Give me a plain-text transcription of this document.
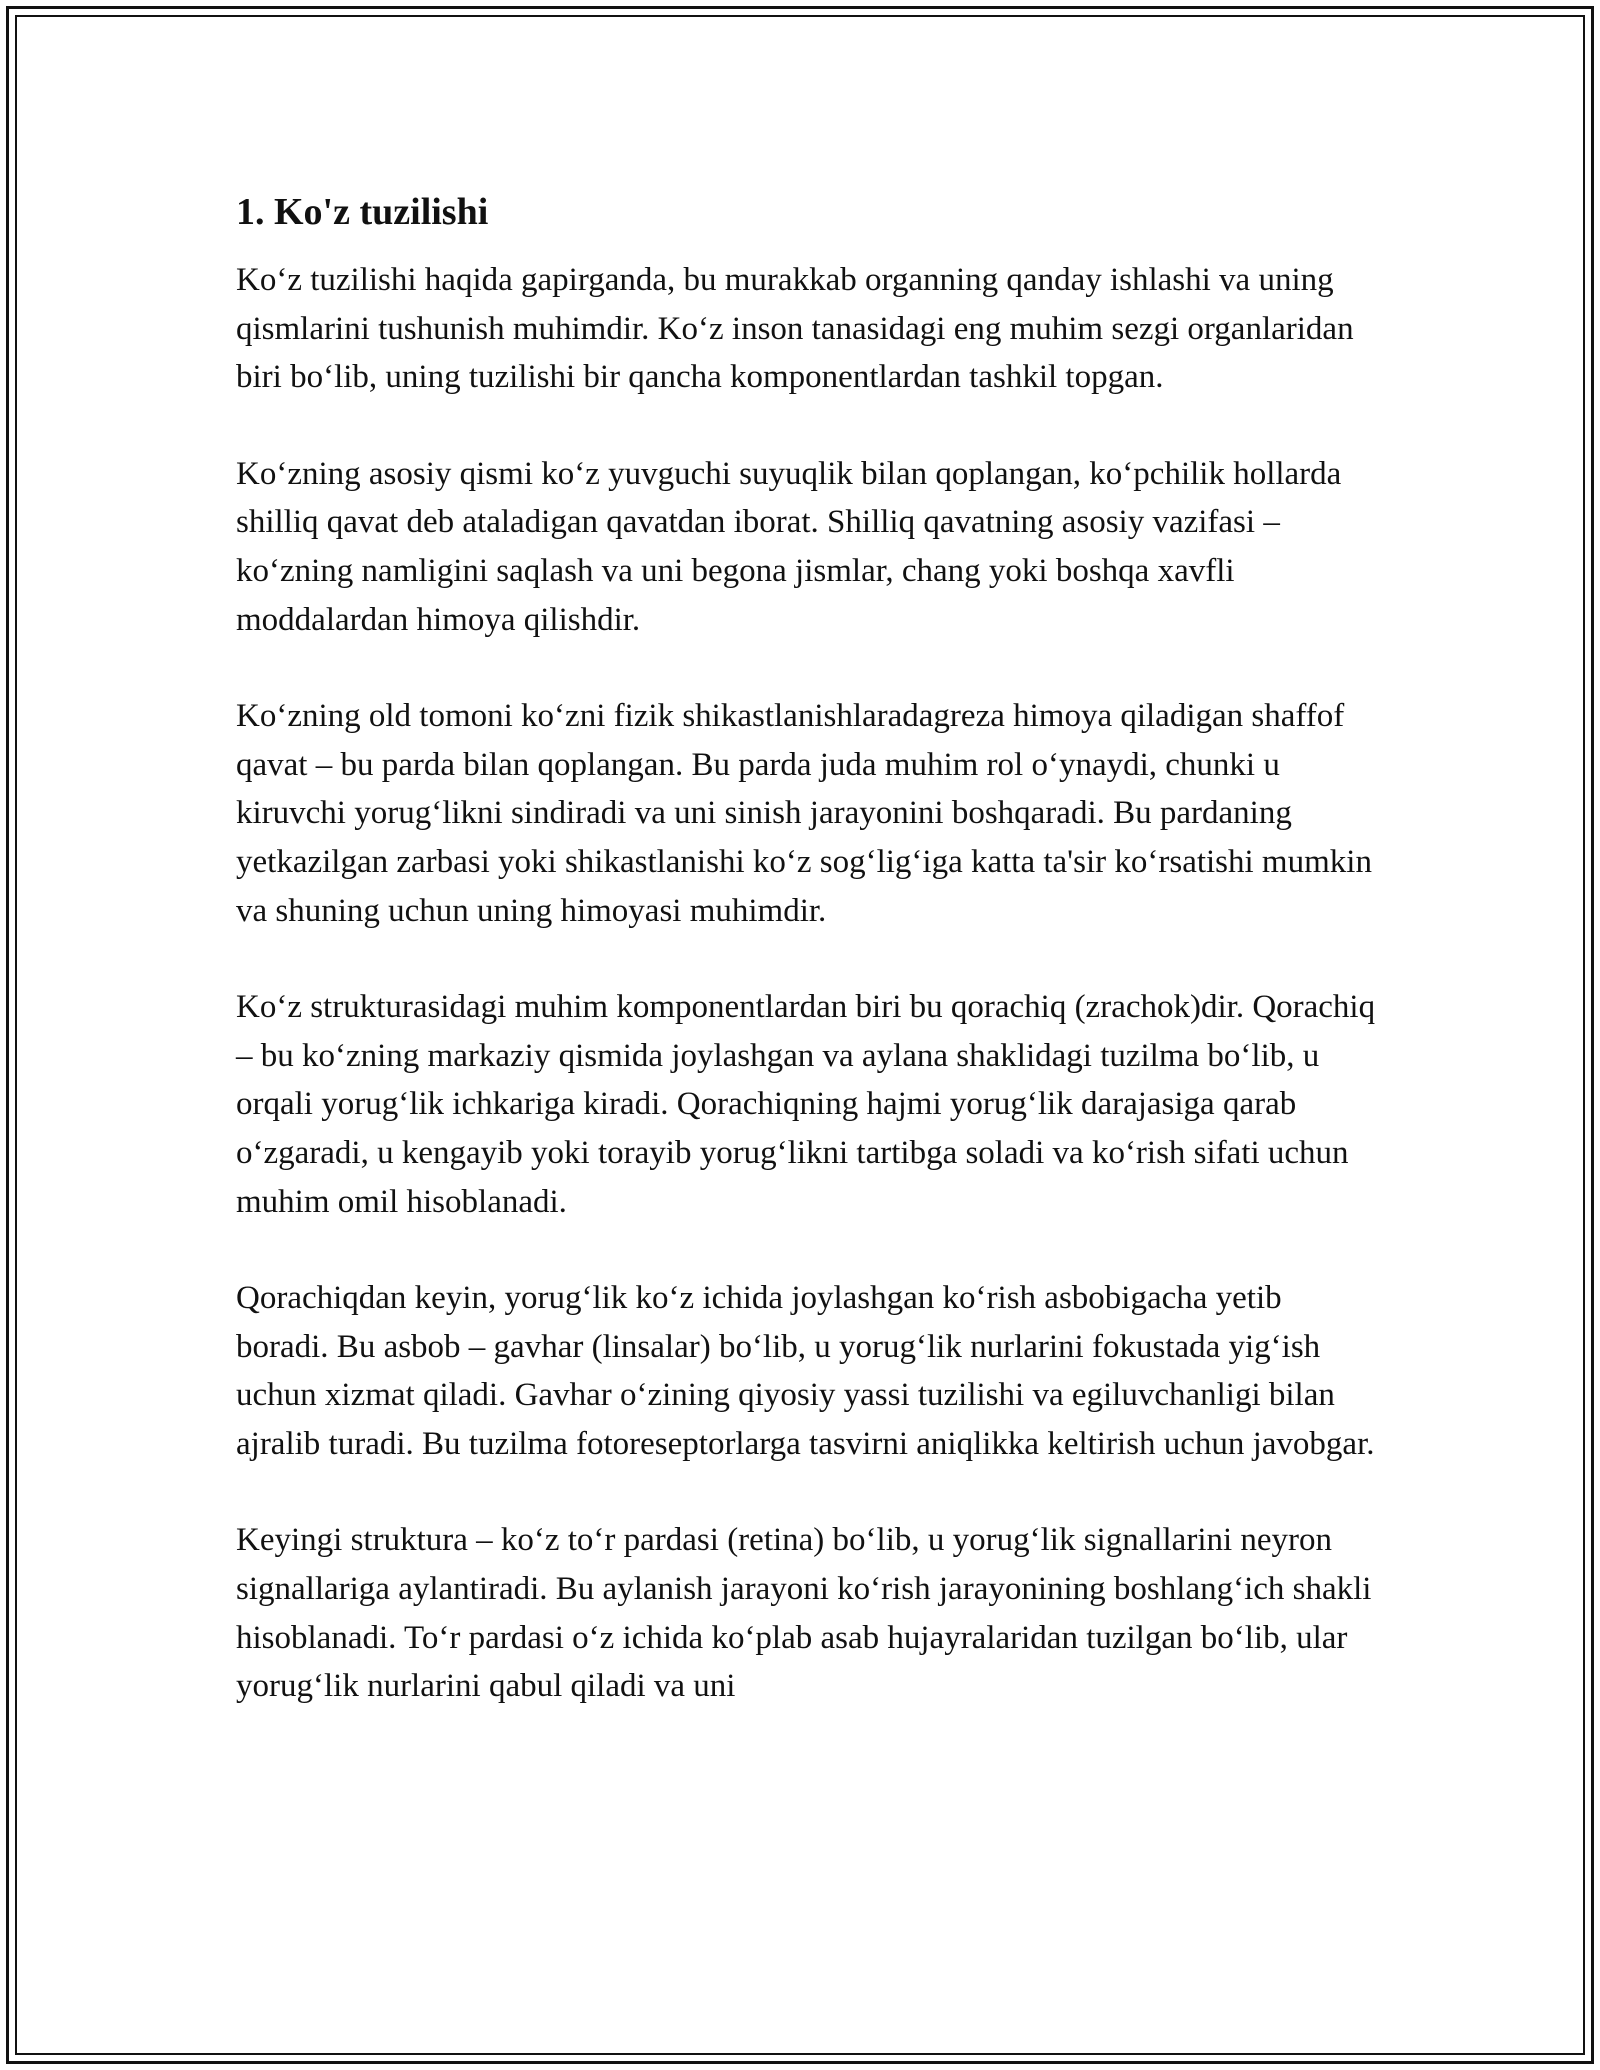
1. Ko'z tuzilishi

Ko‘z tuzilishi haqida gapirganda, bu murakkab organning qanday ishlashi va uning qismlarini tushunish muhimdir. Ko‘z inson tanasidagi eng muhim sezgi organlaridan biri bo‘lib, uning tuzilishi bir qancha komponentlardan tashkil topgan.

Ko‘zning asosiy qismi ko‘z yuvguchi suyuqlik bilan qoplangan, ko‘pchilik hollarda shilliq qavat deb ataladigan qavatdan iborat. Shilliq qavatning asosiy vazifasi – ko‘zning namligini saqlash va uni begona jismlar, chang yoki boshqa xavfli moddalardan himoya qilishdir.

Ko‘zning old tomoni ko‘zni fizik shikastlanishlaradagreza himoya qiladigan shaffof qavat – bu parda bilan qoplangan. Bu parda juda muhim rol o‘ynaydi, chunki u kiruvchi yorug‘likni sindiradi va uni sinish jarayonini boshqaradi. Bu pardaning yetkazilgan zarbasi yoki shikastlanishi ko‘z sog‘lig‘iga katta ta'sir ko‘rsatishi mumkin va shuning uchun uning himoyasi muhimdir.

Ko‘z strukturasidagi muhim komponentlardan biri bu qorachiq (zrachok)dir. Qorachiq – bu ko‘zning markaziy qismida joylashgan va aylana shaklidagi tuzilma bo‘lib, u orqali yorug‘lik ichkariga kiradi. Qorachiqning hajmi yorug‘lik darajasiga qarab o‘zgaradi, u kengayib yoki torayib yorug‘likni tartibga soladi va ko‘rish sifati uchun muhim omil hisoblanadi.

Qorachiqdan keyin, yorug‘lik ko‘z ichida joylashgan ko‘rish asbobigacha yetib boradi. Bu asbob – gavhar (linsalar) bo‘lib, u yorug‘lik nurlarini fokustada yig‘ish uchun xizmat qiladi. Gavhar o‘zining qiyosiy yassi tuzilishi va egiluvchanligi bilan ajralib turadi. Bu tuzilma fotoreseptorlarga tasvirni aniqlikka keltirish uchun javobgar.

Keyingi struktura – ko‘z to‘r pardasi (retina) bo‘lib, u yorug‘lik signallarini neyron signallariga aylantiradi. Bu aylanish jarayoni ko‘rish jarayonining boshlang‘ich shakli hisoblanadi. To‘r pardasi o‘z ichida ko‘plab asab hujayralaridan tuzilgan bo‘lib, ular yorug‘lik nurlarini qabul qiladi va uni
